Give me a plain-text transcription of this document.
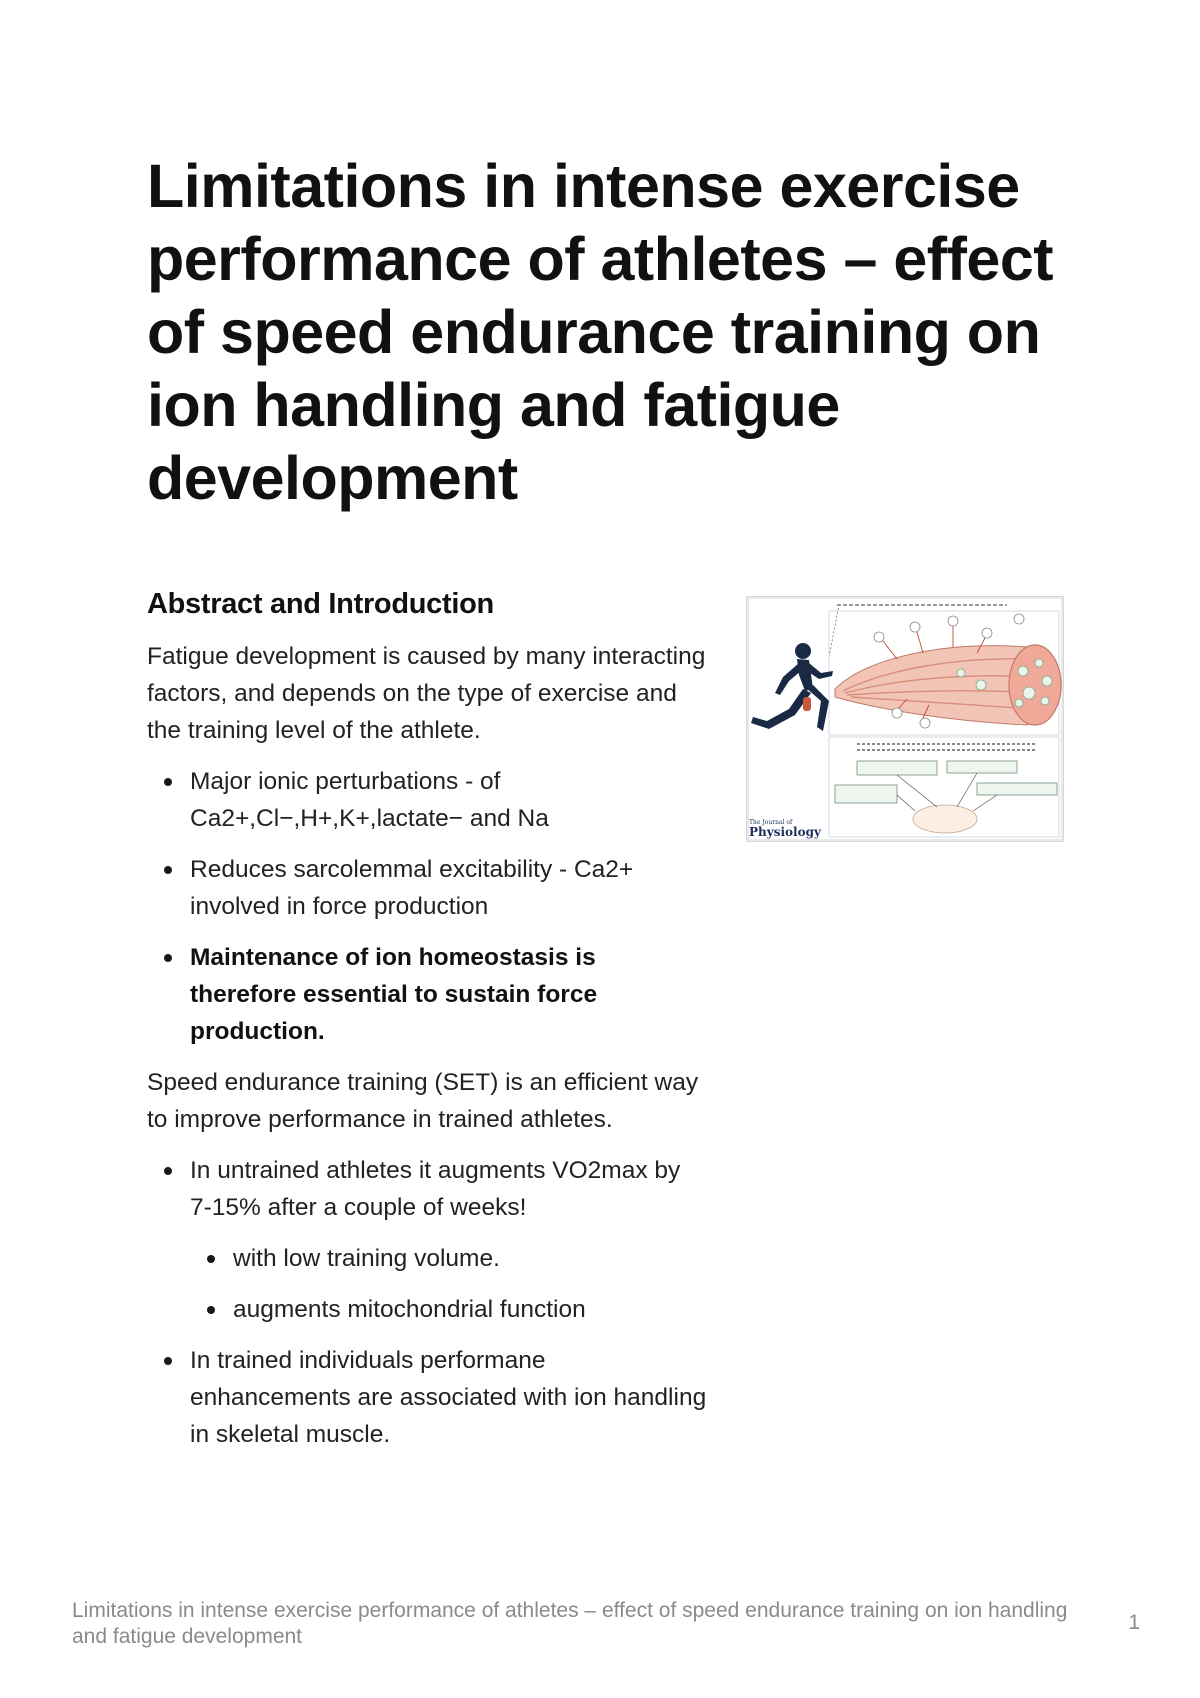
Limitations in intense exercise performance of athletes – effect of speed endurance training on ion handling and fatigue development
Abstract and Introduction

Fatigue development is caused by many interacting factors, and depends on the type of exercise and the training level of the athlete.

Major ionic perturbations - of Ca2+,Cl−,H+,K+,lactate− and Na
Reduces sarcolemmal excitability - Ca2+ involved in force production
Maintenance of ion homeostasis is therefore essential to sustain force production.

Speed endurance training (SET) is an efficient way to improve performance in trained athletes.

In untrained athletes it augments VO2max by 7-15% after a couple of weeks!
with low training volume.
augments mitochondrial function
In trained individuals performane enhancements are associated with ion handling in skeletal muscle.
The Journal of
Physiology
Limitations in intense exercise performance of athletes – effect of speed endurance training on ion handling and fatigue development
1
